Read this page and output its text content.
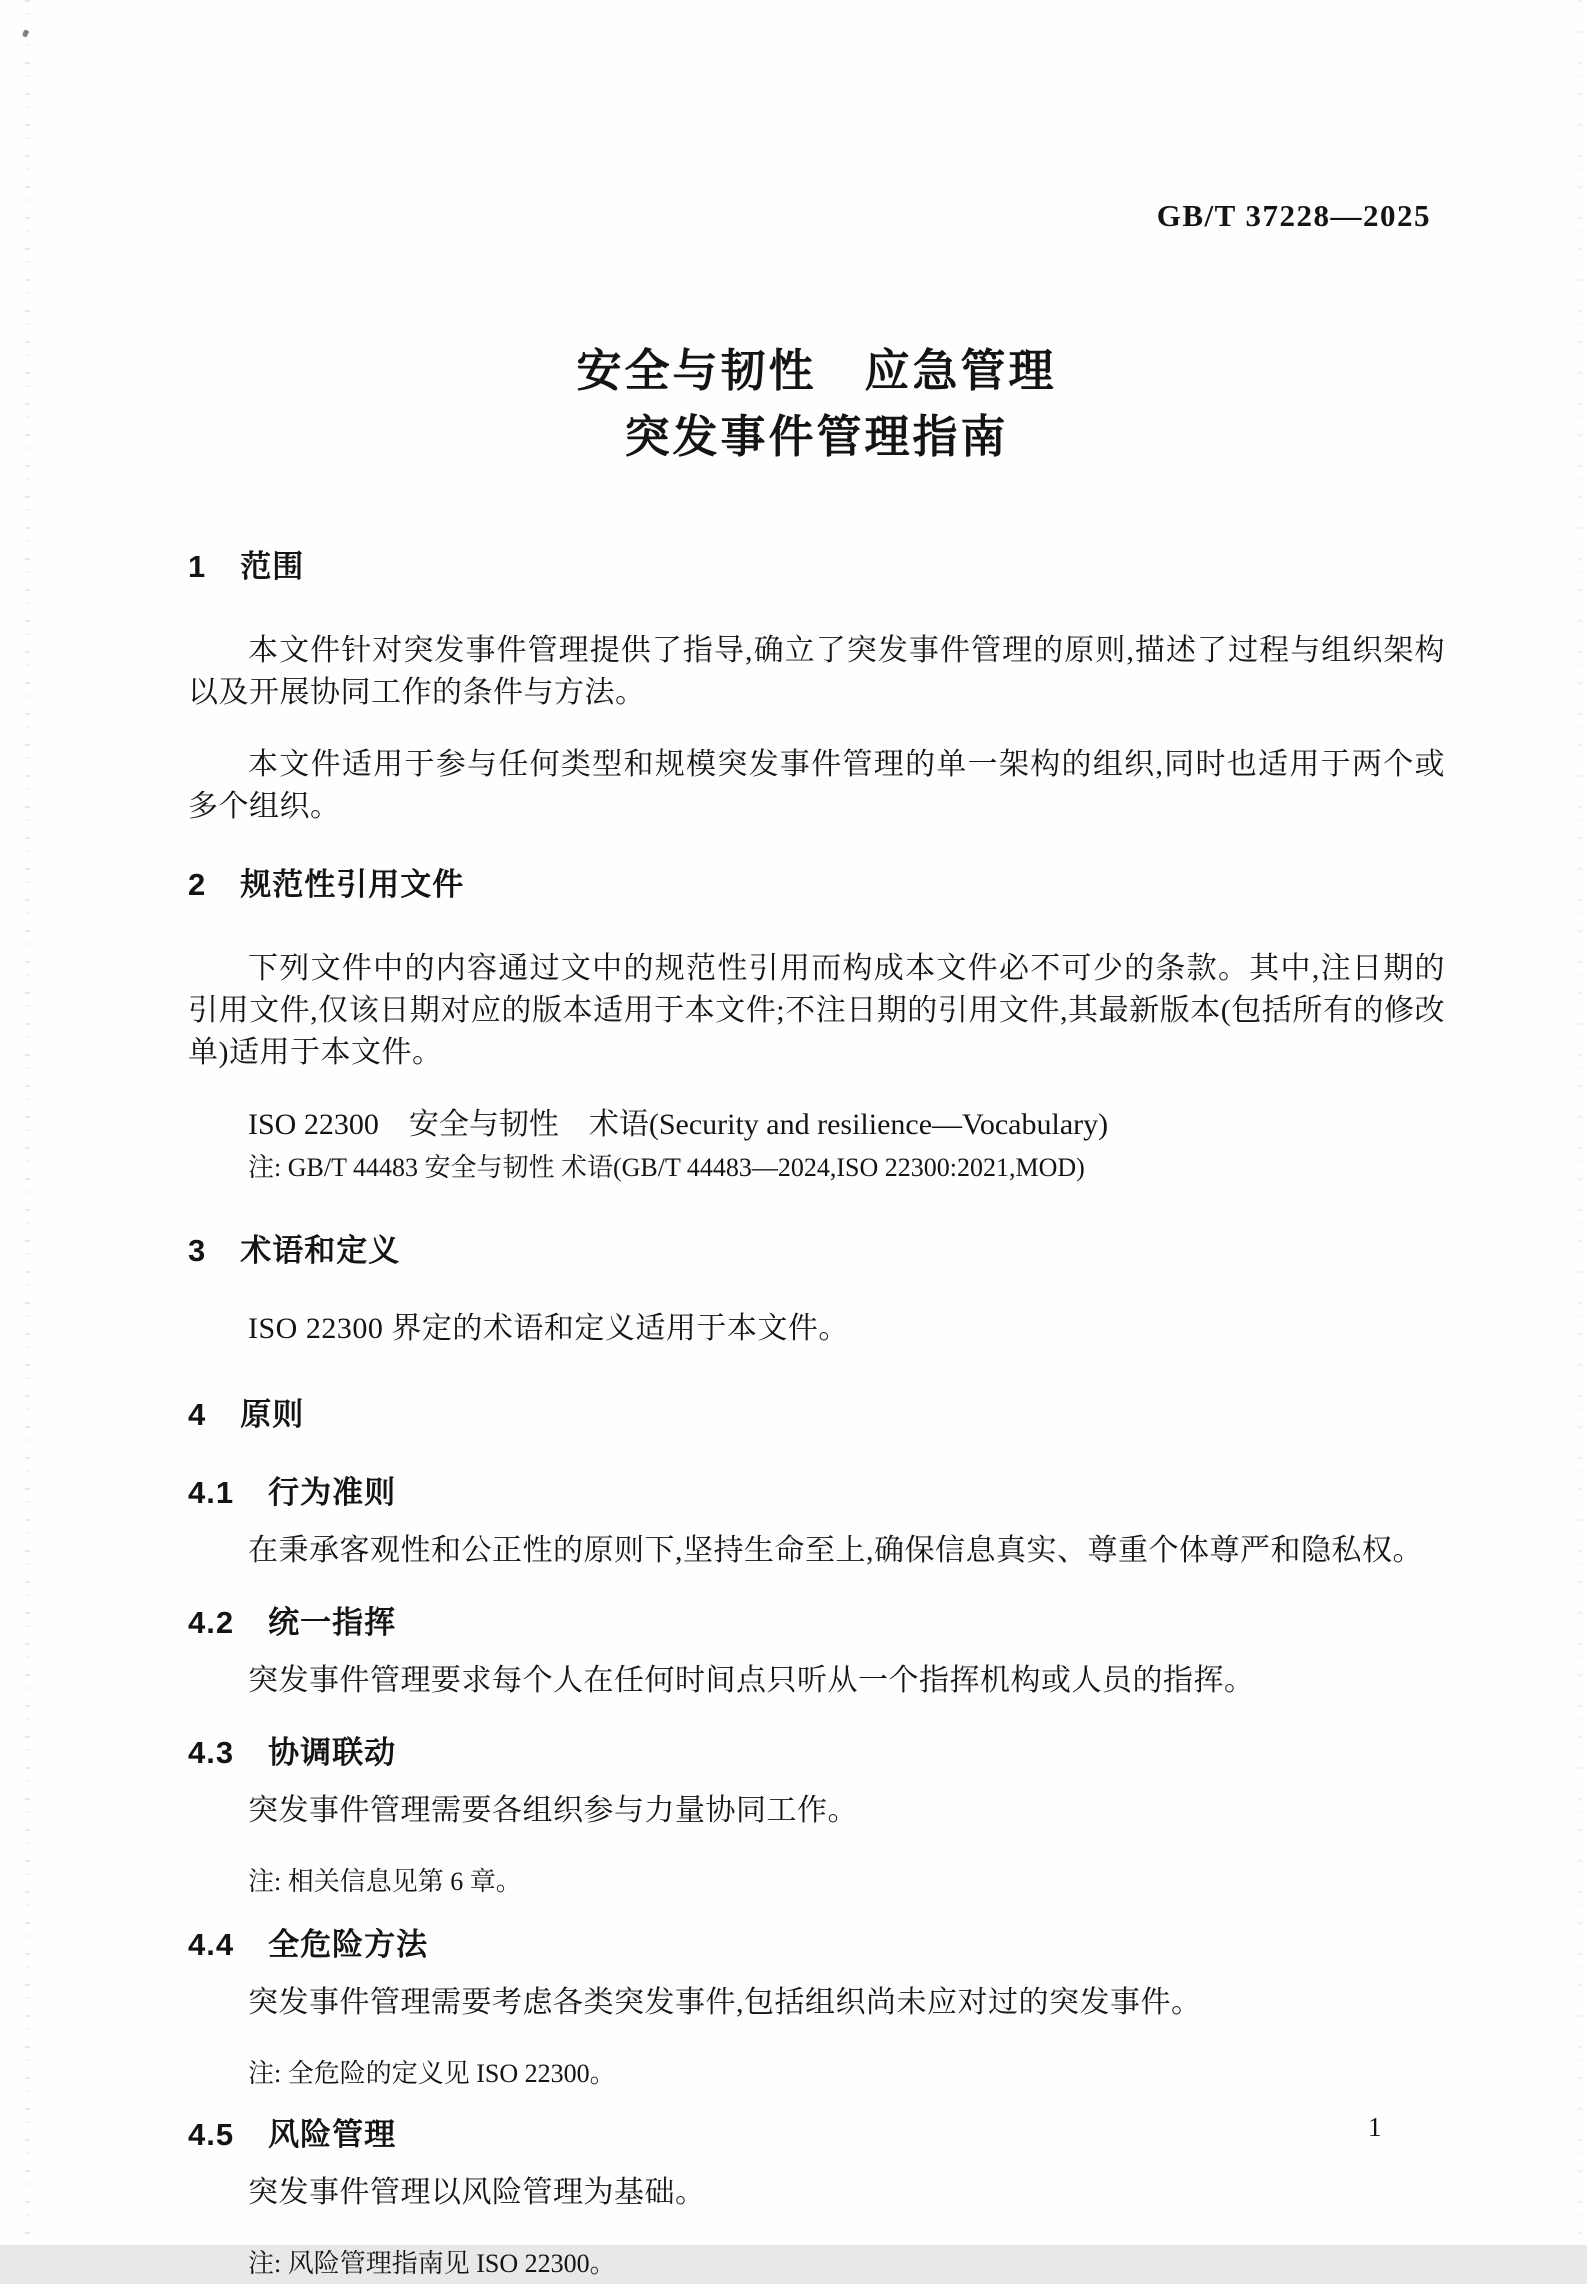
GB/T 37228—2025
安全与韧性　应急管理
突发事件管理指南
1 范围

本文件针对突发事件管理提供了指导,确立了突发事件管理的原则,描述了过程与组织架构以及开展协同工作的条件与方法。

本文件适用于参与任何类型和规模突发事件管理的单一架构的组织,同时也适用于两个或多个组织。

2 规范性引用文件

下列文件中的内容通过文中的规范性引用而构成本文件必不可少的条款。其中,注日期的引用文件,仅该日期对应的版本适用于本文件;不注日期的引用文件,其最新版本(包括所有的修改单)适用于本文件。

ISO 22300　安全与韧性　术语(Security and resilience—Vocabulary)
注: GB/T 44483 安全与韧性 术语(GB/T 44483—2024,ISO 22300:2021,MOD)
3 术语和定义

ISO 22300 界定的术语和定义适用于本文件。

4 原则
4.1 行为准则

在秉承客观性和公正性的原则下,坚持生命至上,确保信息真实、尊重个体尊严和隐私权。

4.2 统一指挥

突发事件管理要求每个人在任何时间点只听从一个指挥机构或人员的指挥。

4.3 协调联动

突发事件管理需要各组织参与力量协同工作。

注: 相关信息见第 6 章。
4.4 全危险方法

突发事件管理需要考虑各类突发事件,包括组织尚未应对过的突发事件。

注: 全危险的定义见 ISO 22300。
4.5 风险管理

突发事件管理以风险管理为基础。

注: 风险管理指南见 ISO 22300。
1
